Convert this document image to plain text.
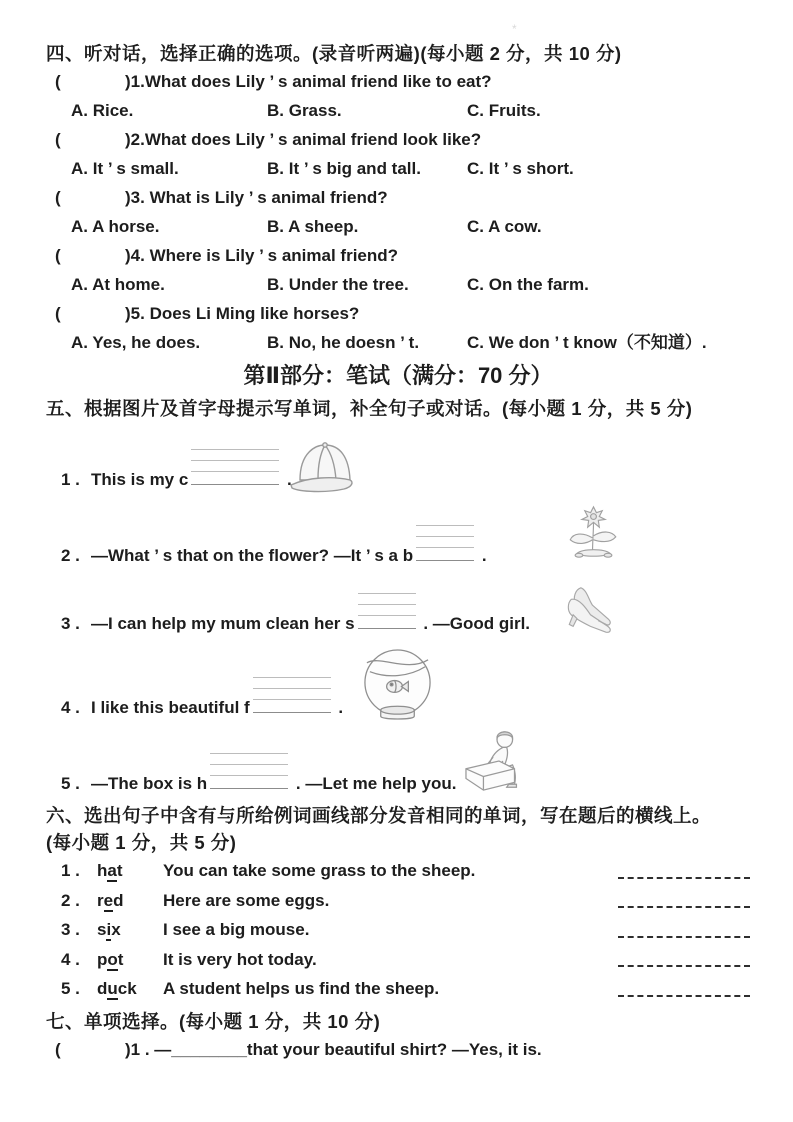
*
四、听对话，选择正确的选项。(录音听两遍)(每小题 2 分，共 10 分)
(	)1.What does Lily ’ s animal friend like to eat?
A. Rice.	B. Grass.	C. Fruits.
(	)2.What does Lily ’ s animal friend look like?
A. It ’ s small.	B. It ’ s big and tall.	C. It ’ s short.
(	)3. What is Lily ’ s animal friend?
A. A horse.	B. A sheep.	C. A cow.
(	)4. Where is Lily ’ s animal friend?
A. At home.	B. Under the tree.	C. On the farm.
(	)5. Does Li Ming like horses?
A. Yes, he does.	B. No, he doesn ’ t.	C. We don ’ t know（不知道）.
第Ⅱ部分：笔试（满分：70 分）
五、根据图片及首字母提示写单词，补全句子或对话。(每小题 1 分，共 5 分)
1 . This is my c	.
2 . —What ’ s that on the flower? —It ’ s a b	.
3 . —I can help my mum clean her s	. —Good girl.
4 . I like this beautiful f	.
5 . —The box is h	. —Let me help you.
六、选出句子中含有与所给例词画线部分发音相同的单词，写在题后的横线上。
(每小题 1 分，共 5 分)
1 .	hat	You can take some grass to the sheep.
2 .	red	Here are some eggs.
3 .	six	I see a big mouse.
4 .	pot	It is very hot today.
5 .	duck	A student helps us find the sheep.
七、单项选择。(每小题 1 分，共 10 分)
(	)1 . —________that your beautiful shirt? —Yes, it is.
